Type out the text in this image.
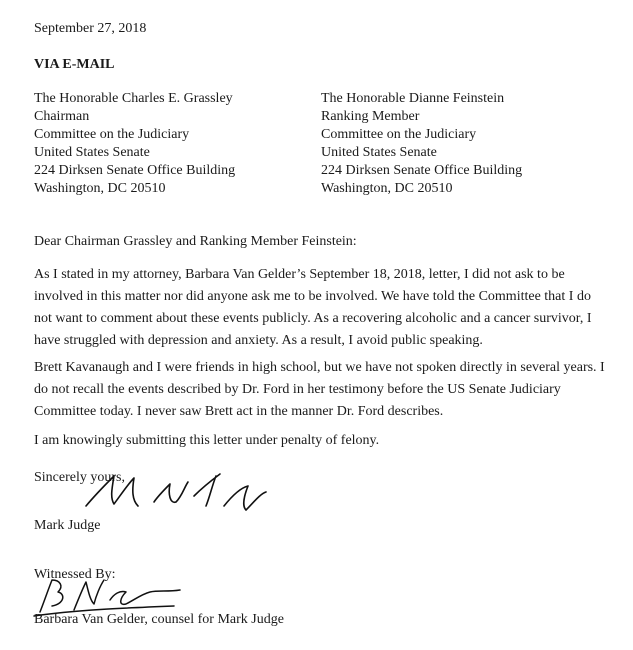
September 27, 2018
VIA E-MAIL
The Honorable Charles E. Grassley
Chairman
Committee on the Judiciary
United States Senate
224 Dirksen Senate Office Building
Washington, DC 20510
The Honorable Dianne Feinstein
Ranking Member
Committee on the Judiciary
United States Senate
224 Dirksen Senate Office Building
Washington, DC 20510
Dear Chairman Grassley and Ranking Member Feinstein:
As I stated in my attorney, Barbara Van Gelder’s September 18, 2018, letter, I did not ask to be involved in this matter nor did anyone ask me to be involved. We have told the Committee that I do not want to comment about these events publicly. As a recovering alcoholic and a cancer survivor, I have struggled with depression and anxiety. As a result, I avoid public speaking.
Brett Kavanaugh and I were friends in high school, but we have not spoken directly in several years. I do not recall the events described by Dr. Ford in her testimony before the US Senate Judiciary Committee today. I never saw Brett act in the manner Dr. Ford describes.
I am knowingly submitting this letter under penalty of felony.
Sincerely yours,
Mark Judge
Witnessed By:
Barbara Van Gelder, counsel for Mark Judge
